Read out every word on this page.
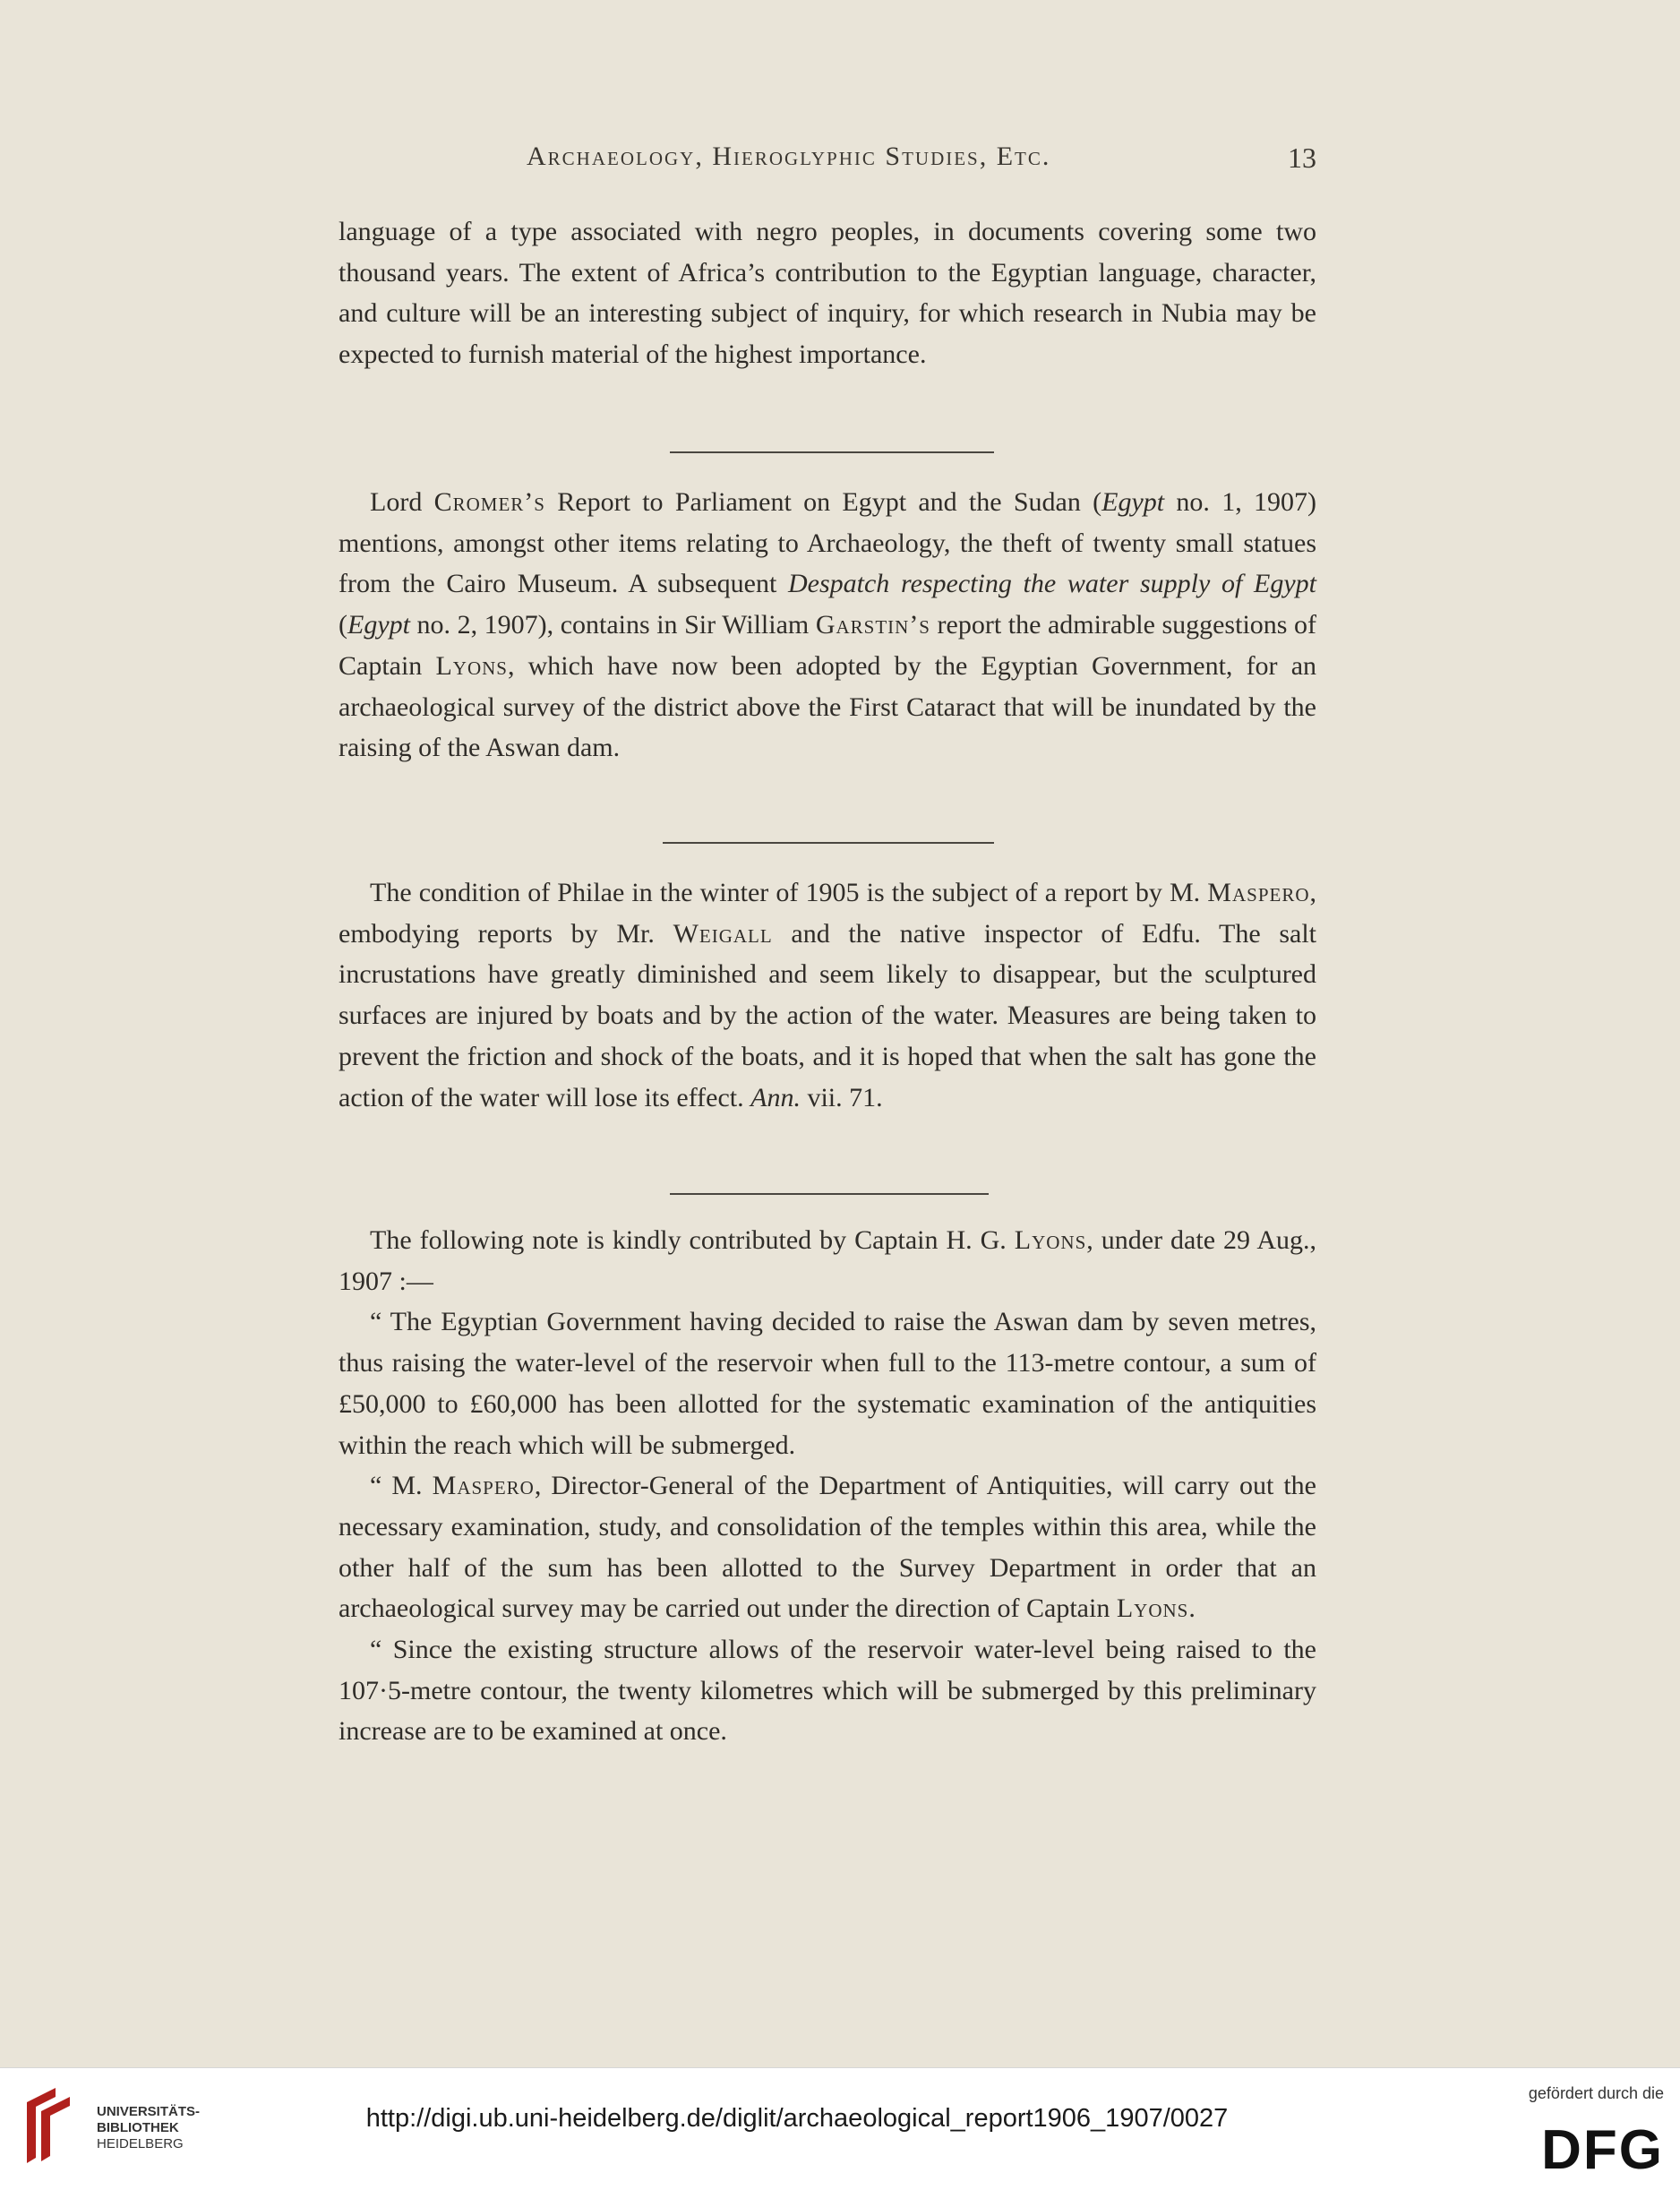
Archaeology, Hieroglyphic Studies, Etc.	13

language of a type associated with negro peoples, in documents covering some two thousand years. The extent of Africa’s contribution to the Egyptian language, character, and culture will be an interesting subject of inquiry, for which research in Nubia may be expected to furnish material of the highest importance.

Lord Cromer’s Report to Parliament on Egypt and the Sudan (Egypt no. 1, 1907) mentions, amongst other items relating to Archaeology, the theft of twenty small statues from the Cairo Museum. A subsequent Despatch respecting the water supply of Egypt (Egypt no. 2, 1907), contains in Sir William Garstin’s report the admirable suggestions of Captain Lyons, which have now been adopted by the Egyptian Government, for an archaeological survey of the district above the First Cataract that will be inundated by the raising of the Aswan dam.

The condition of Philae in the winter of 1905 is the subject of a report by M. Maspero, embodying reports by Mr. Weigall and the native inspector of Edfu. The salt incrustations have greatly diminished and seem likely to disappear, but the sculptured surfaces are injured by boats and by the action of the water. Measures are being taken to prevent the friction and shock of the boats, and it is hoped that when the salt has gone the action of the water will lose its effect. Ann. vii. 71.

The following note is kindly contributed by Captain H. G. Lyons, under date 29 Aug., 1907 :—

“ The Egyptian Government having decided to raise the Aswan dam by seven metres, thus raising the water-level of the reservoir when full to the 113-metre contour, a sum of £50,000 to £60,000 has been allotted for the systematic examination of the antiquities within the reach which will be submerged.

“ M. Maspero, Director-General of the Department of Antiquities, will carry out the necessary examination, study, and consolidation of the temples within this area, while the other half of the sum has been allotted to the Survey Department in order that an archaeological survey may be carried out under the direction of Captain Lyons.

“ Since the existing structure allows of the reservoir water-level being raised to the 107·5-metre contour, the twenty kilometres which will be submerged by this preliminary increase are to be examined at once.

UNIVERSITÄTS-
BIBLIOTHEK
HEIDELBERG
http://digi.ub.uni-heidelberg.de/diglit/archaeological_report1906_1907/0027
gefördert durch die
DFG
